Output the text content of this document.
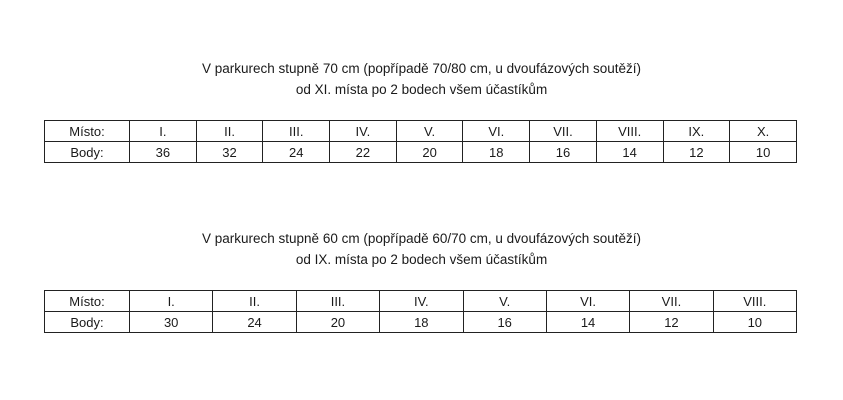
V parkurech stupně 70 cm (popřípadě 70/80 cm, u dvoufázových soutěží)
od XI. místa po 2 bodech všem účastíkům

Místo:	I.	II.	III.	IV.	V.	VI.	VII.	VIII.	IX.	X.
Body:	36	32	24	22	20	18	16	14	12	10

V parkurech stupně 60 cm (popřípadě 60/70 cm, u dvoufázových soutěží)
od IX. místa po 2 bodech všem účastíkům

Místo:	I.	II.	III.	IV.	V.	VI.	VII.	VIII.
Body:	30	24	20	18	16	14	12	10
